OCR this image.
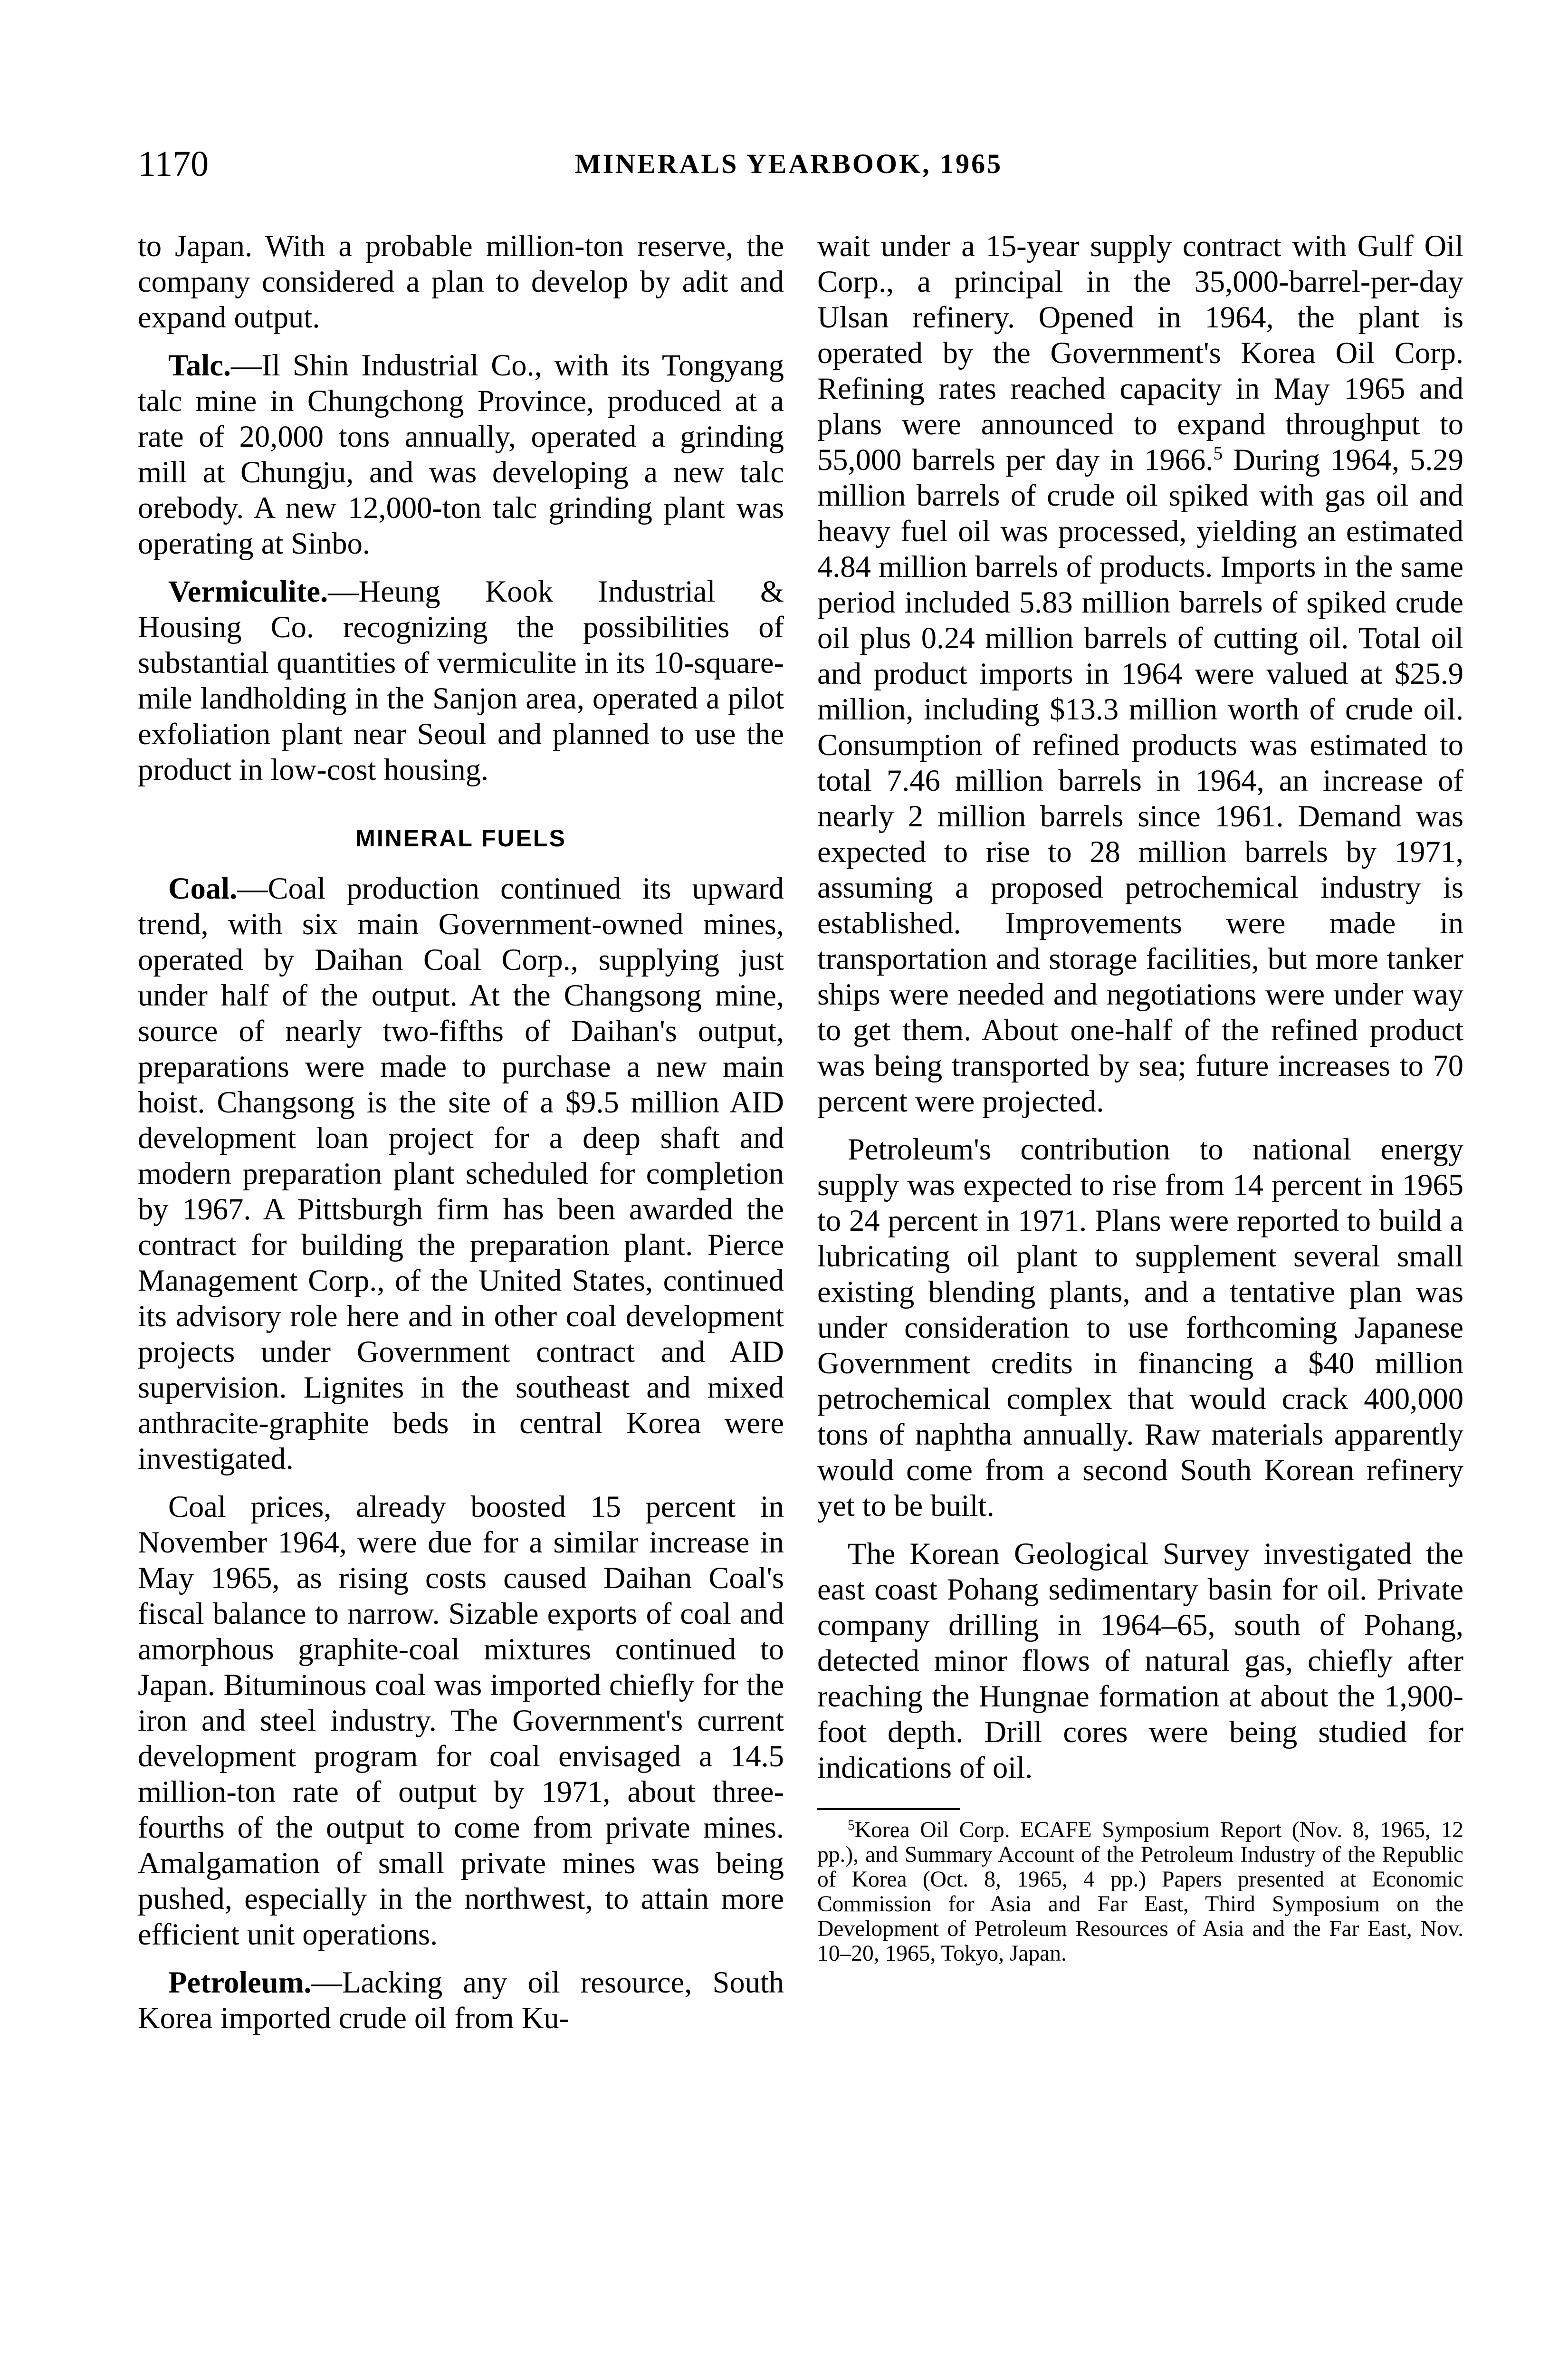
1170	MINERALS YEARBOOK, 1965

to Japan. With a probable million-ton reserve, the company considered a plan to develop by adit and expand output.

Talc.—Il Shin Industrial Co., with its Tongyang talc mine in Chungchong Province, produced at a rate of 20,000 tons annually, operated a grinding mill at Chungju, and was developing a new talc orebody. A new 12,000-ton talc grinding plant was operating at Sinbo.

Vermiculite.—Heung Kook Industrial & Housing Co. recognizing the possibilities of substantial quantities of vermiculite in its 10-square-mile landholding in the Sanjon area, operated a pilot exfoliation plant near Seoul and planned to use the product in low-cost housing.

MINERAL FUELS

Coal.—Coal production continued its upward trend, with six main Government-owned mines, operated by Daihan Coal Corp., supplying just under half of the output. At the Changsong mine, source of nearly two-fifths of Daihan's output, preparations were made to purchase a new main hoist. Changsong is the site of a $9.5 million AID development loan project for a deep shaft and modern preparation plant scheduled for completion by 1967. A Pittsburgh firm has been awarded the contract for building the preparation plant. Pierce Management Corp., of the United States, continued its advisory role here and in other coal development projects under Government contract and AID supervision. Lignites in the southeast and mixed anthracite-graphite beds in central Korea were investigated.

Coal prices, already boosted 15 percent in November 1964, were due for a similar increase in May 1965, as rising costs caused Daihan Coal's fiscal balance to narrow. Sizable exports of coal and amorphous graphite-coal mixtures continued to Japan. Bituminous coal was imported chiefly for the iron and steel industry. The Government's current development program for coal envisaged a 14.5 million-ton rate of output by 1971, about three-fourths of the output to come from private mines. Amalgamation of small private mines was being pushed, especially in the northwest, to attain more efficient unit operations.

Petroleum.—Lacking any oil resource, South Korea imported crude oil from Ku-

wait under a 15-year supply contract with Gulf Oil Corp., a principal in the 35,000-barrel-per-day Ulsan refinery. Opened in 1964, the plant is operated by the Government's Korea Oil Corp. Refining rates reached capacity in May 1965 and plans were announced to expand throughput to 55,000 barrels per day in 1966.$^5$ During 1964, 5.29 million barrels of crude oil spiked with gas oil and heavy fuel oil was processed, yielding an estimated 4.84 million barrels of products. Imports in the same period included 5.83 million barrels of spiked crude oil plus 0.24 million barrels of cutting oil. Total oil and product imports in 1964 were valued at $25.9 million, including $13.3 million worth of crude oil. Consumption of refined products was estimated to total 7.46 million barrels in 1964, an increase of nearly 2 million barrels since 1961. Demand was expected to rise to 28 million barrels by 1971, assuming a proposed petrochemical industry is established. Improvements were made in transportation and storage facilities, but more tanker ships were needed and negotiations were under way to get them. About one-half of the refined product was being transported by sea; future increases to 70 percent were projected.

Petroleum's contribution to national energy supply was expected to rise from 14 percent in 1965 to 24 percent in 1971. Plans were reported to build a lubricating oil plant to supplement several small existing blending plants, and a tentative plan was under consideration to use forthcoming Japanese Government credits in financing a $40 million petrochemical complex that would crack 400,000 tons of naphtha annually. Raw materials apparently would come from a second South Korean refinery yet to be built.

The Korean Geological Survey investigated the east coast Pohang sedimentary basin for oil. Private company drilling in 1964–65, south of Pohang, detected minor flows of natural gas, chiefly after reaching the Hungnae formation at about the 1,900-foot depth. Drill cores were being studied for indications of oil.

$^5$Korea Oil Corp. ECAFE Symposium Report (Nov. 8, 1965, 12 pp.), and Summary Account of the Petroleum Industry of the Republic of Korea (Oct. 8, 1965, 4 pp.) Papers presented at Economic Commission for Asia and Far East, Third Symposium on the Development of Petroleum Resources of Asia and the Far East, Nov. 10–20, 1965, Tokyo, Japan.
